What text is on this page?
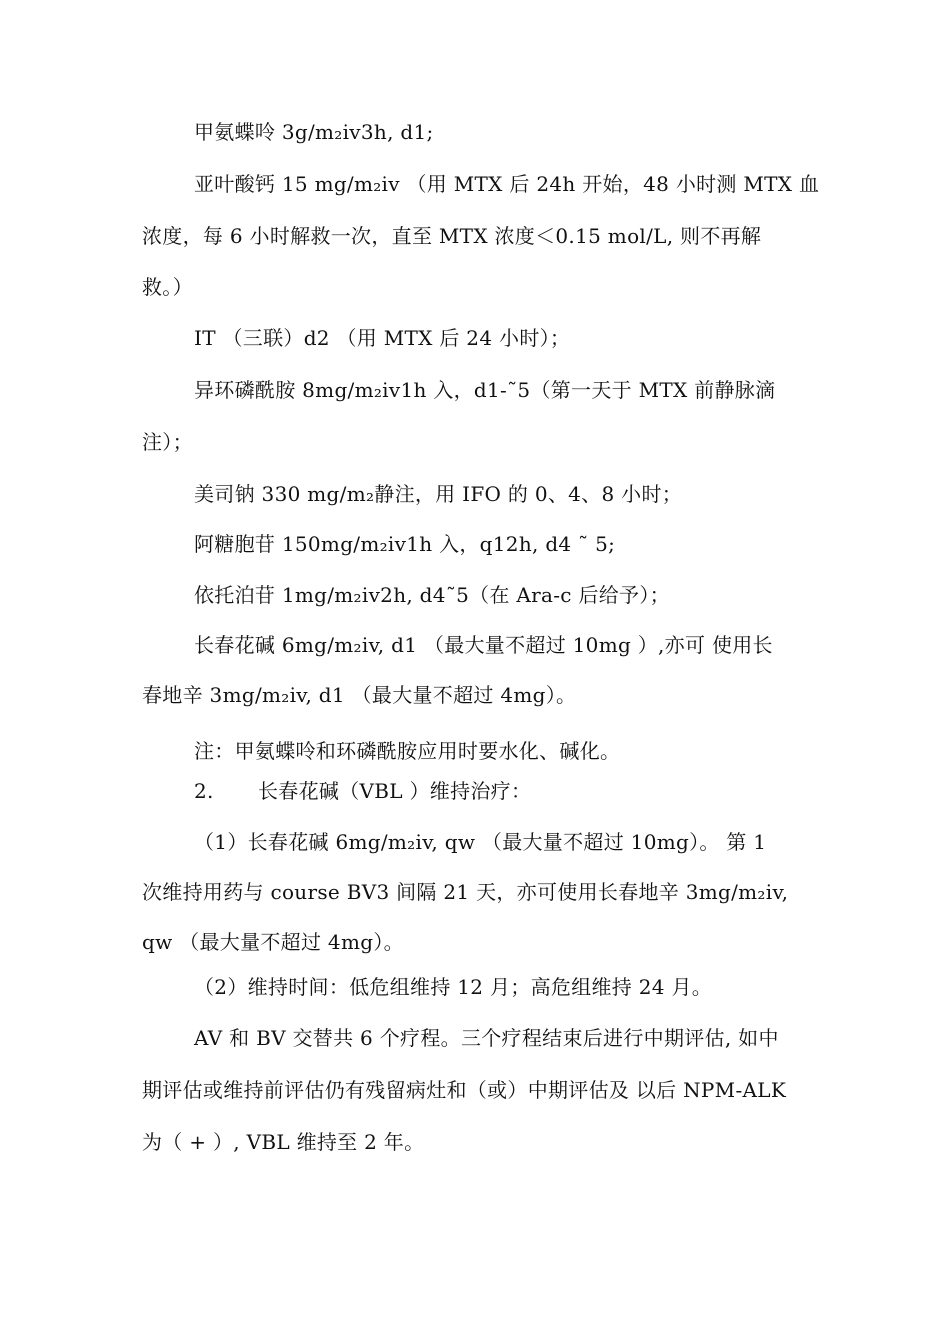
甲氨蝶呤 3g/m₂iv3h, d1;
亚叶酸钙 15 mg/m₂iv （用 MTX 后 24h 开始，48 小时测 MTX 血
浓度，每 6 小时解救一次，直至 MTX 浓度＜0.15 mol/L, 则不再解
救。）
IT （三联）d2 （用 MTX 后 24 小时）；
异环磷酰胺 8mg/m₂iv1h 入，d1-˜5（第一天于 MTX 前静脉滴
注）；
美司钠 330 mg/m₂静注，用 IFO 的 0、4、8 小时；
阿糖胞苷 150mg/m₂iv1h 入，q12h, d4 ˜ 5;
依托泊苷 1mg/m₂iv2h, d4˜5（在 Ara-c 后给予）；
长春花碱 6mg/m₂iv, d1 （最大量不超过 10mg ）,亦可 使用长
春地辛 3mg/m₂iv, d1 （最大量不超过 4mg）。
注：甲氨蝶呤和环磷酰胺应用时要水化、碱化。
2. 长春花碱（VBL ）维持治疗：
（1）长春花碱 6mg/m₂iv, qw （最大量不超过 10mg）。 第 1
次维持用药与 course BV3 间隔 21 天，亦可使用长春地辛 3mg/m₂iv,
qw （最大量不超过 4mg）。
（2）维持时间：低危组维持 12 月；高危组维持 24 月。
AV 和 BV 交替共 6 个疗程。三个疗程结束后进行中期评估, 如中
期评估或维持前评估仍有残留病灶和（或）中期评估及 以后 NPM-ALK
为（ + ）, VBL 维持至 2 年。
